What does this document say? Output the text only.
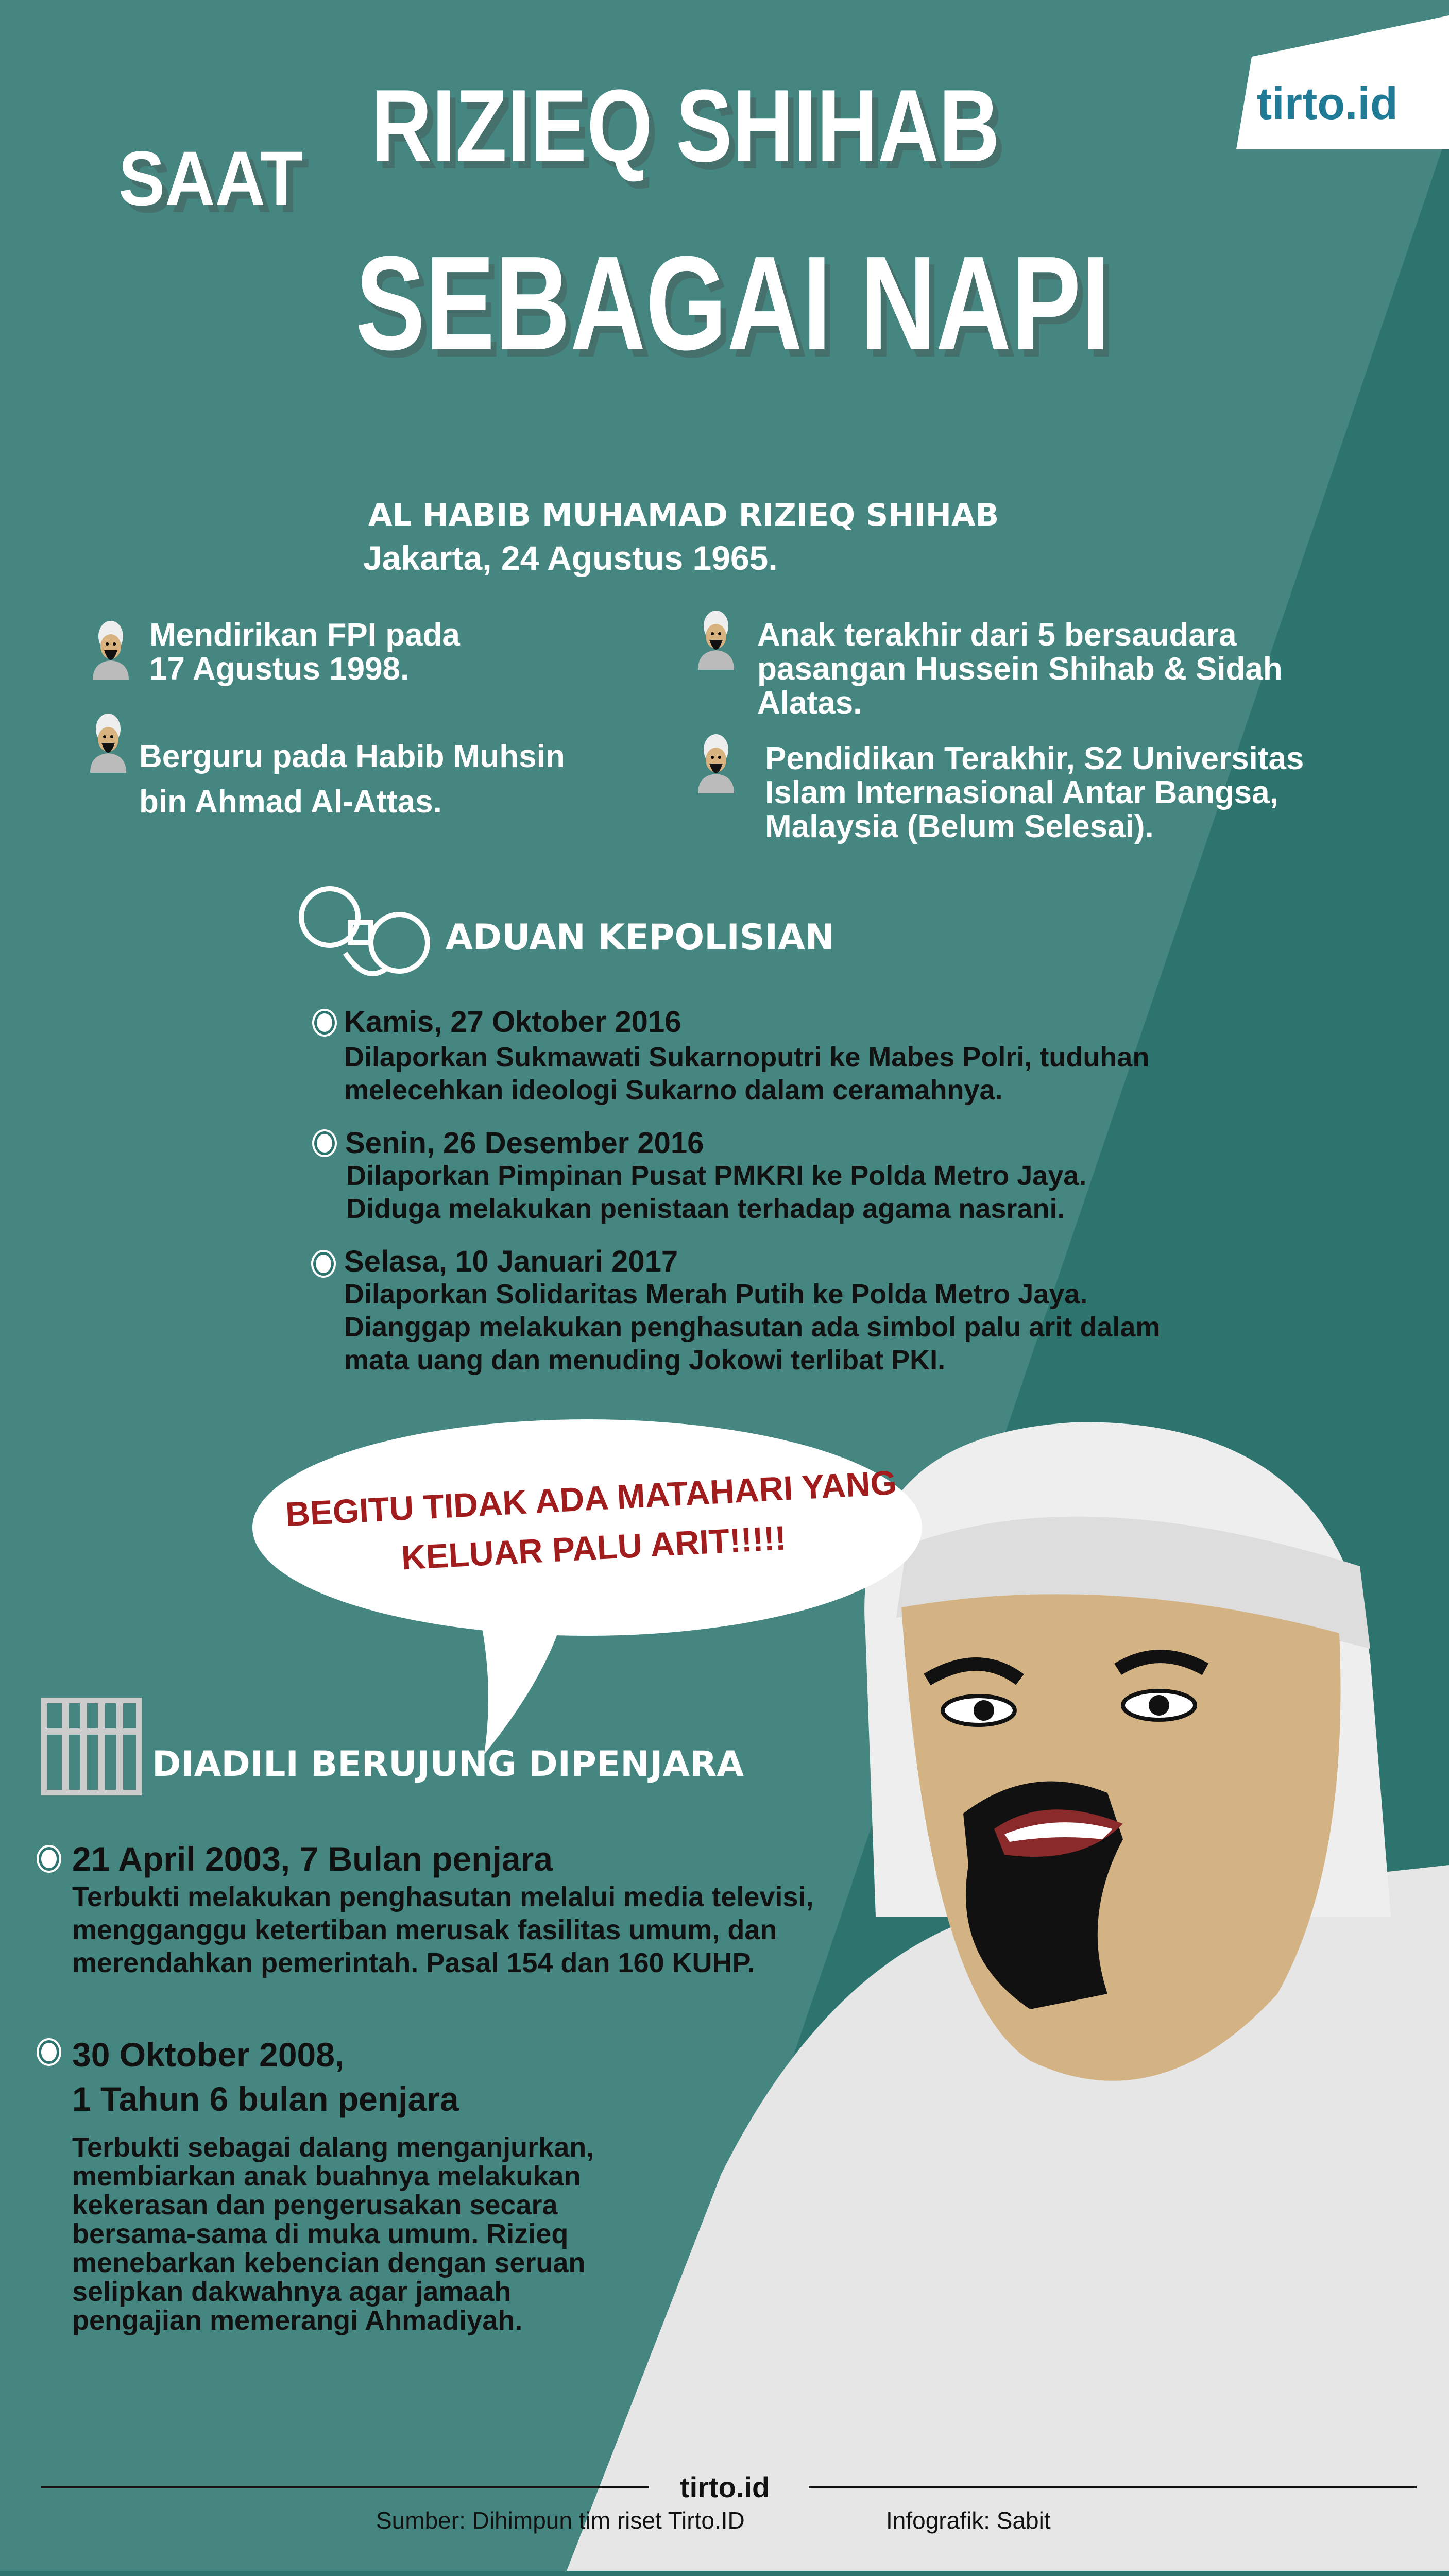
tirto.id
SAAT RIZIEQ SHIHAB
SEBAGAI NAPI
AL HABIB MUHAMAD RIZIEQ SHIHAB
Jakarta, 24 Agustus 1965.
Mendirikan FPI pada
17 Agustus 1998.
Berguru pada Habib Muhsin
bin Ahmad Al-Attas.
Anak terakhir dari 5 bersaudara
pasangan Hussein Shihab & Sidah
Alatas.
Pendidikan Terakhir, S2 Universitas
Islam Internasional Antar Bangsa,
Malaysia (Belum Selesai).
ADUAN KEPOLISIAN
Kamis, 27 Oktober 2016
Dilaporkan Sukmawati Sukarnoputri ke Mabes Polri, tuduhan
melecehkan ideologi Sukarno dalam ceramahnya.
Senin, 26 Desember 2016
Dilaporkan Pimpinan Pusat PMKRI ke Polda Metro Jaya.
Diduga melakukan penistaan terhadap agama nasrani.
Selasa, 10 Januari 2017
Dilaporkan Solidaritas Merah Putih ke Polda Metro Jaya.
Dianggap melakukan penghasutan ada simbol palu arit dalam
mata uang dan menuding Jokowi terlibat PKI.
BEGITU TIDAK ADA MATAHARI YANG
KELUAR PALU ARIT!!!!!
DIADILI BERUJUNG DIPENJARA
21 April 2003, 7 Bulan penjara
Terbukti melakukan penghasutan melalui media televisi,
mengganggu ketertiban merusak fasilitas umum, dan
merendahkan pemerintah. Pasal 154 dan 160 KUHP.
30 Oktober 2008,
1 Tahun 6 bulan penjara
Terbukti sebagai dalang menganjurkan,
membiarkan anak buahnya melakukan
kekerasan dan pengerusakan secara
bersama-sama di muka umum. Rizieq
menebarkan kebencian dengan seruan
selipkan dakwahnya agar jamaah
pengajian memerangi Ahmadiyah.
tirto.id
Sumber: Dihimpun tim riset Tirto.ID	Infografik: Sabit
